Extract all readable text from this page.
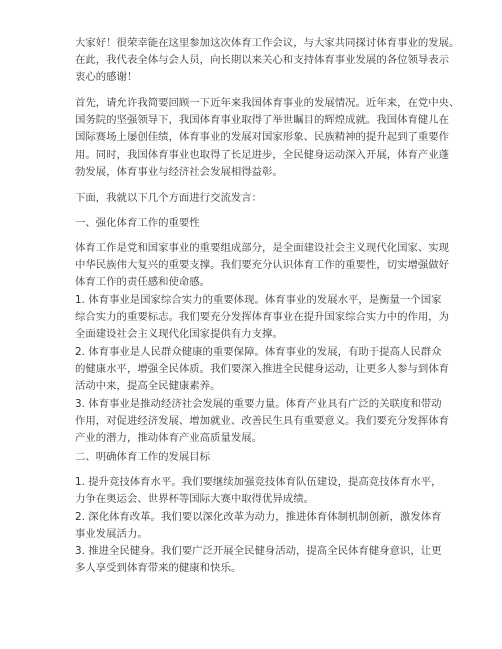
大家好！很荣幸能在这里参加这次体育工作会议，与大家共同探讨体育事业的发展。
在此，我代表全体与会人员，向长期以来关心和支持体育事业发展的各位领导表示
衷心的感谢！
首先，请允许我简要回顾一下近年来我国体育事业的发展情况。近年来，在党中央、
国务院的坚强领导下，我国体育事业取得了举世瞩目的辉煌成就。我国体育健儿在
国际赛场上屡创佳绩，体育事业的发展对国家形象、民族精神的提升起到了重要作
用。同时，我国体育事业也取得了长足进步，全民健身运动深入开展，体育产业蓬
勃发展，体育事业与经济社会发展相得益彰。
下面，我就以下几个方面进行交流发言：
一、强化体育工作的重要性
体育工作是党和国家事业的重要组成部分，是全面建设社会主义现代化国家、实现
中华民族伟大复兴的重要支撑。我们要充分认识体育工作的重要性，切实增强做好
体育工作的责任感和使命感。
1. 体育事业是国家综合实力的重要体现。体育事业的发展水平，是衡量一个国家
综合实力的重要标志。我们要充分发挥体育事业在提升国家综合实力中的作用，为
全面建设社会主义现代化国家提供有力支撑。
2. 体育事业是人民群众健康的重要保障。体育事业的发展，有助于提高人民群众
的健康水平，增强全民体质。我们要深入推进全民健身运动，让更多人参与到体育
活动中来，提高全民健康素养。
3. 体育事业是推动经济社会发展的重要力量。体育产业具有广泛的关联度和带动
作用，对促进经济发展、增加就业、改善民生具有重要意义。我们要充分发挥体育
产业的潜力，推动体育产业高质量发展。
二、明确体育工作的发展目标
1. 提升竞技体育水平。我们要继续加强竞技体育队伍建设，提高竞技体育水平，
力争在奥运会、世界杯等国际大赛中取得优异成绩。
2. 深化体育改革。我们要以深化改革为动力，推进体育体制机制创新，激发体育
事业发展活力。
3. 推进全民健身。我们要广泛开展全民健身活动，提高全民体育健身意识，让更
多人享受到体育带来的健康和快乐。
